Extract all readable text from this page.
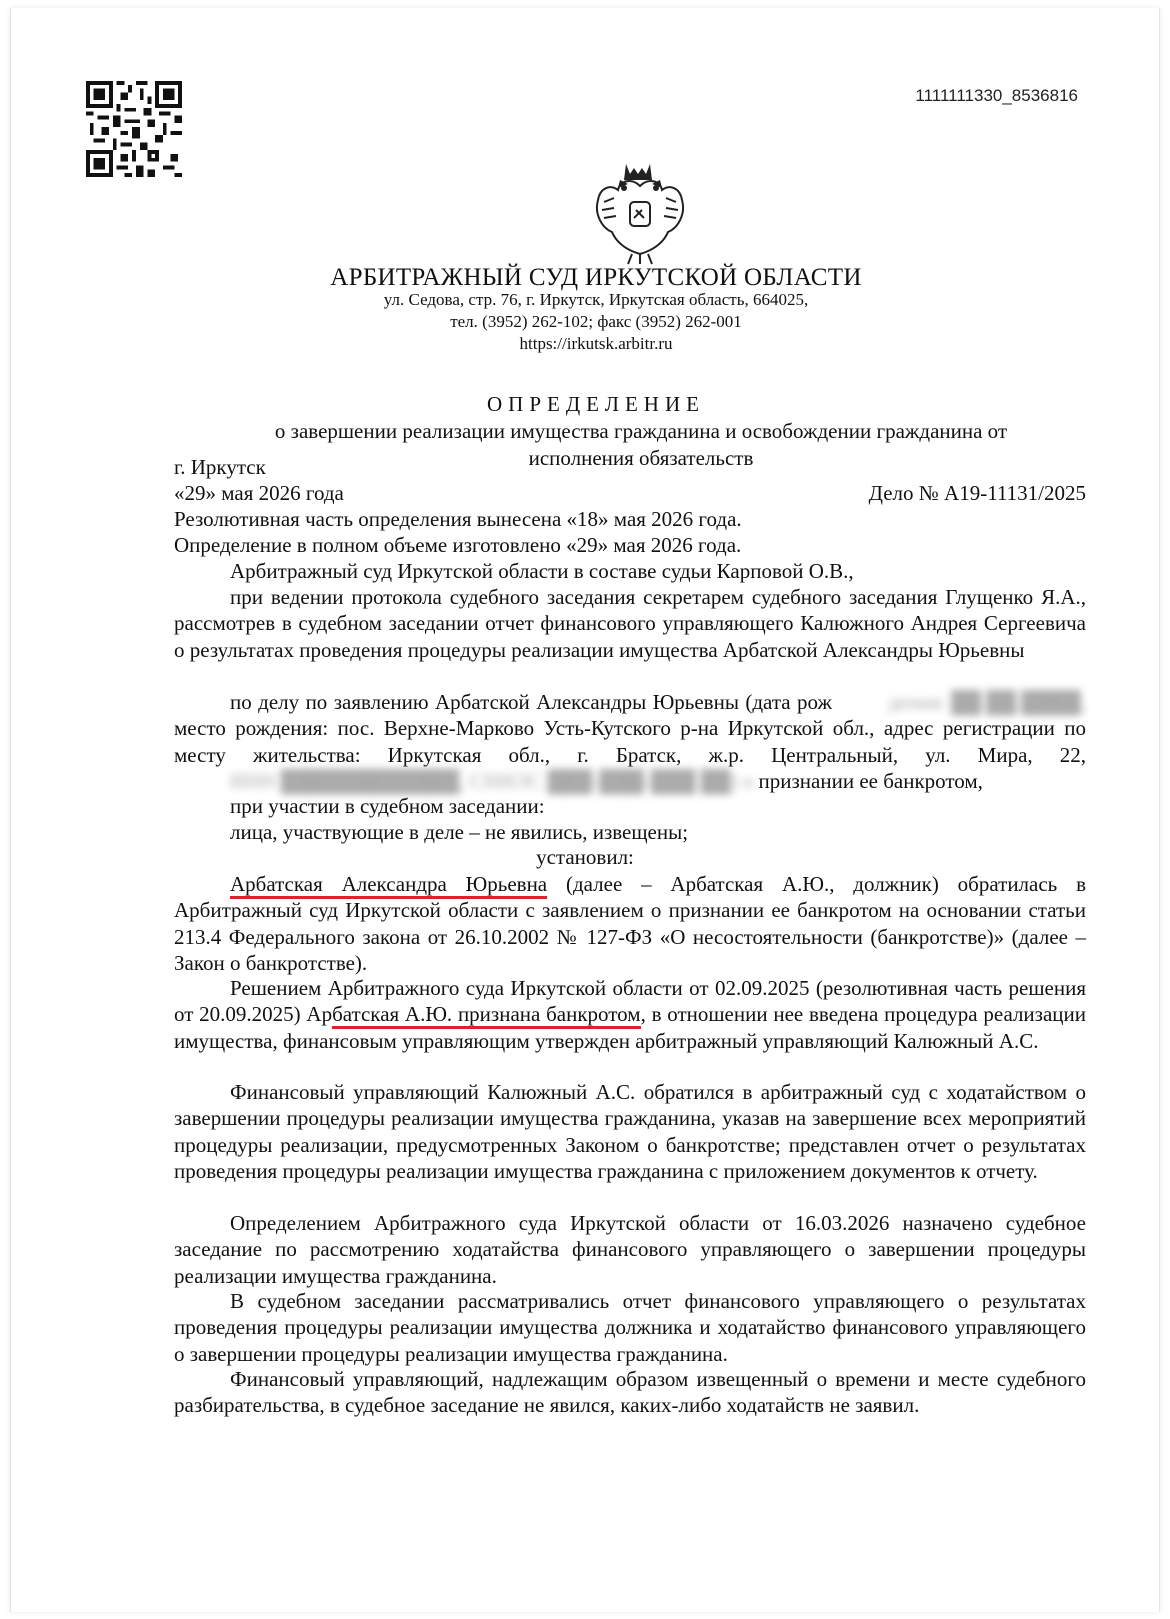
1111111330_8536816
АРБИТРАЖНЫЙ СУД ИРКУТСКОЙ ОБЛАСТИ
ул. Седова, стр. 76, г. Иркутск, Иркутская область, 664025,
тел. (3952) 262-102; факс (3952) 262-001
https://irkutsk.arbitr.ru
ОПРЕДЕЛЕНИЕ
о завершении реализации имущества гражданина и освобождении гражданина от исполнения обязательств
г. Иркутск
«29» мая 2026 года	Дело № А19-11131/2025
Резолютивная часть определения вынесена «18» мая 2026 года.
Определение в полном объеме изготовлено «29» мая 2026 года.
Арбитражный суд Иркутской области в составе судьи Карповой О.В.,
при ведении протокола судебного заседания секретарем судебного заседания Глущенко Я.А., рассмотрев в судебном заседании отчет финансового управляющего Калюжного Андрея Сергеевича о результатах проведения процедуры реализации имущества Арбатской Александры Юрьевны
по делу по заявлению Арбатской Александры Юрьевны (дата рож	дения: ██.██.████, место рождения: пос. Верхне-Марково Усть-Кутского р-на Иркутской обл., адрес регистрации по месту жительства: Иркутская обл., г. Братск, ж.р. Центральный, ул. Мира, 22, ИНН ████████████, СНИЛС ███-███-███ ██) о признании ее банкротом,
при участии в судебном заседании:
лица, участвующие в деле – не явились, извещены;
установил:
Арбатская Александра Юрьевна (далее – Арбатская А.Ю., должник) обратилась в Арбитражный суд Иркутской области с заявлением о признании ее банкротом на основании статьи 213.4 Федерального закона от 26.10.2002 № 127-ФЗ «О несостоятельности (банкротстве)» (далее – Закон о банкротстве).
Решением Арбитражного суда Иркутской области от 02.09.2025 (резолютивная часть решения от 20.09.2025) Арбатская А.Ю. признана банкротом, в отношении нее введена процедура реализации имущества, финансовым управляющим утвержден арбитражный управляющий Калюжный А.С.
Финансовый управляющий Калюжный А.С. обратился в арбитражный суд с ходатайством о завершении процедуры реализации имущества гражданина, указав на завершение всех мероприятий процедуры реализации, предусмотренных Законом о банкротстве; представлен отчет о результатах проведения процедуры реализации имущества гражданина с приложением документов к отчету.
Определением Арбитражного суда Иркутской области от 16.03.2026 назначено судебное заседание по рассмотрению ходатайства финансового управляющего о завершении процедуры реализации имущества гражданина.
В судебном заседании рассматривались отчет финансового управляющего о результатах проведения процедуры реализации имущества должника и ходатайство финансового управляющего о завершении процедуры реализации имущества гражданина.
Финансовый управляющий, надлежащим образом извещенный о времени и месте судебного разбирательства, в судебное заседание не явился, каких-либо ходатайств не заявил.
